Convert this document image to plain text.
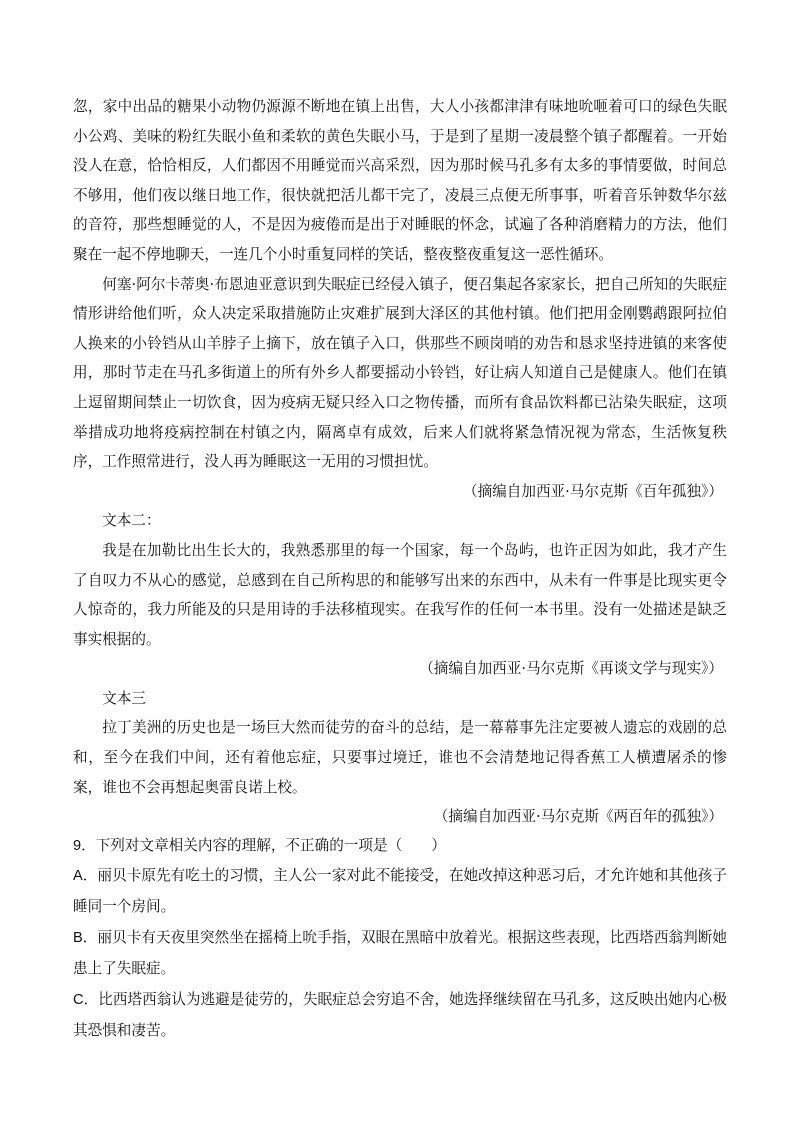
忽，家中出品的糖果小动物仍源源不断地在镇上出售，大人小孩都津津有味地吮咂着可口的绿色失眠小公鸡、美味的粉红失眠小鱼和柔软的黄色失眠小马，于是到了星期一凌晨整个镇子都醒着。一开始没人在意，恰恰相反，人们都因不用睡觉而兴高采烈，因为那时候马孔多有太多的事情要做，时间总不够用，他们夜以继日地工作，很快就把活儿都干完了，凌晨三点便无所事事，听着音乐钟数华尔兹的音符，那些想睡觉的人，不是因为疲倦而是出于对睡眠的怀念，试遍了各种消磨精力的方法，他们聚在一起不停地聊天，一连几个小时重复同样的笑话，整夜整夜重复这一恶性循环。

何塞·阿尔卡蒂奥·布恩迪亚意识到失眠症已经侵入镇子，便召集起各家家长，把自己所知的失眠症情形讲给他们听，众人决定采取措施防止灾难扩展到大泽区的其他村镇。他们把用金刚鹦鹉跟阿拉伯人换来的小铃铛从山羊脖子上摘下，放在镇子入口，供那些不顾岗哨的劝告和恳求坚持进镇的来客使用，那时节走在马孔多街道上的所有外乡人都要摇动小铃铛，好让病人知道自己是健康人。他们在镇上逗留期间禁止一切饮食，因为疫病无疑只经入口之物传播，而所有食品饮料都已沾染失眠症，这项举措成功地将疫病控制在村镇之内，隔离卓有成效，后来人们就将紧急情况视为常态，生活恢复秩序，工作照常进行，没人再为睡眠这一无用的习惯担忧。

（摘编自加西亚·马尔克斯《百年孤独》）

文本二：

我是在加勒比出生长大的，我熟悉那里的每一个国家，每一个岛屿，也许正因为如此，我才产生了自叹力不从心的感觉，总感到在自己所构思的和能够写出来的东西中，从未有一件事是比现实更令人惊奇的，我力所能及的只是用诗的手法移植现实。在我写作的任何一本书里。没有一处描述是缺乏事实根据的。

（摘编自加西亚·马尔克斯《再谈文学与现实》）

文本三

拉丁美洲的历史也是一场巨大然而徒劳的奋斗的总结，是一幕幕事先注定要被人遗忘的戏剧的总和，至今在我们中间，还有着他忘症，只要事过境迁，谁也不会清楚地记得香蕉工人横遭屠杀的惨案，谁也不会再想起奥雷良诺上校。

（摘编自加西亚·马尔克斯《两百年的孤独》）

9．下列对文章相关内容的理解，不正确的一项是（　　）

A．丽贝卡原先有吃土的习惯，主人公一家对此不能接受，在她改掉这种恶习后，才允许她和其他孩子睡同一个房间。

B．丽贝卡有天夜里突然坐在摇椅上吮手指，双眼在黑暗中放着光。根据这些表现，比西塔西翁判断她患上了失眠症。

C．比西塔西翁认为逃避是徒劳的，失眠症总会穷追不舍，她选择继续留在马孔多，这反映出她内心极其恐惧和凄苦。
